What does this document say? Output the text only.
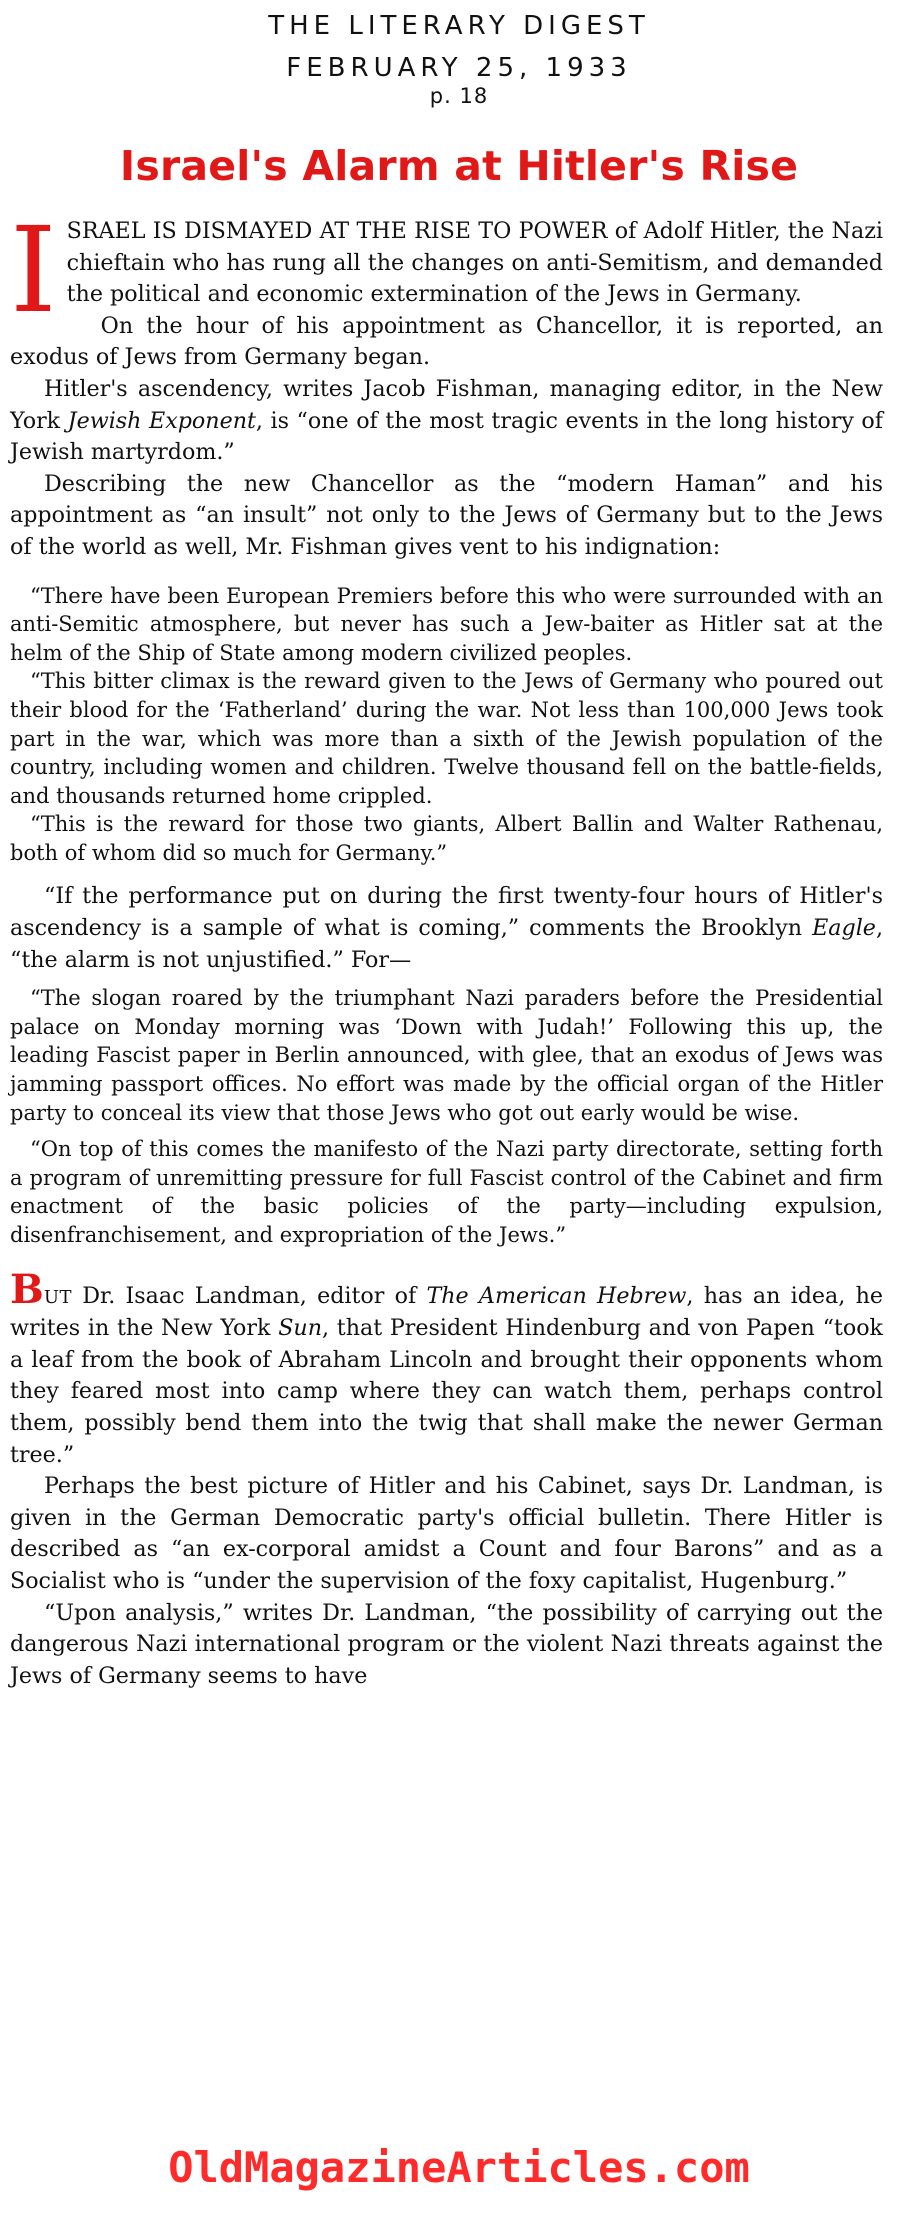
THE LITERARY DIGEST
FEBRUARY 25, 1933
p. 18
Israel's Alarm at Hitler's Rise

ISRAEL IS DISMAYED AT THE RISE TO POWER of Adolf Hitler, the Nazi chieftain who has rung all the changes on anti-Semitism, and demanded the political and economic extermination of the Jews in Germany.

On the hour of his appointment as Chancellor, it is reported, an exodus of Jews from Germany began.

Hitler's ascendency, writes Jacob Fishman, managing editor, in the New York Jewish Exponent, is “one of the most tragic events in the long history of Jewish martyrdom.”

Describing the new Chancellor as the “modern Haman” and his appointment as “an insult” not only to the Jews of Germany but to the Jews of the world as well, Mr. Fishman gives vent to his indignation:

“There have been European Premiers before this who were surrounded with an anti-Semitic atmosphere, but never has such a Jew-baiter as Hitler sat at the helm of the Ship of State among modern civilized peoples.

“This bitter climax is the reward given to the Jews of Germany who poured out their blood for the ‘Fatherland’ during the war. Not less than 100,000 Jews took part in the war, which was more than a sixth of the Jewish population of the country, including women and children. Twelve thousand fell on the battle-fields, and thousands returned home crippled.

“This is the reward for those two giants, Albert Ballin and Walter Rathenau, both of whom did so much for Germany.”

“If the performance put on during the first twenty-four hours of Hitler's ascendency is a sample of what is coming,” comments the Brooklyn Eagle, “the alarm is not unjustified.” For—

“The slogan roared by the triumphant Nazi paraders before the Presidential palace on Monday morning was ‘Down with Judah!’ Following this up, the leading Fascist paper in Berlin announced, with glee, that an exodus of Jews was jamming passport offices. No effort was made by the official organ of the Hitler party to conceal its view that those Jews who got out early would be wise.

“On top of this comes the manifesto of the Nazi party directorate, setting forth a program of unremitting pressure for full Fascist control of the Cabinet and firm enactment of the basic policies of the party—including expulsion, disenfranchisement, and expropriation of the Jews.”

BUT Dr. Isaac Landman, editor of The American Hebrew, has an idea, he writes in the New York Sun, that President Hindenburg and von Papen “took a leaf from the book of Abraham Lincoln and brought their opponents whom they feared most into camp where they can watch them, perhaps control them, possibly bend them into the twig that shall make the newer German tree.”

Perhaps the best picture of Hitler and his Cabinet, says Dr. Landman, is given in the German Democratic party's official bulletin. There Hitler is described as “an ex-corporal amidst a Count and four Barons” and as a Socialist who is “under the supervision of the foxy capitalist, Hugenburg.”

“Upon analysis,” writes Dr. Landman, “the possibility of carrying out the dangerous Nazi international program or the violent Nazi threats against the Jews of Germany seems to have

OldMagazineArticles.com
